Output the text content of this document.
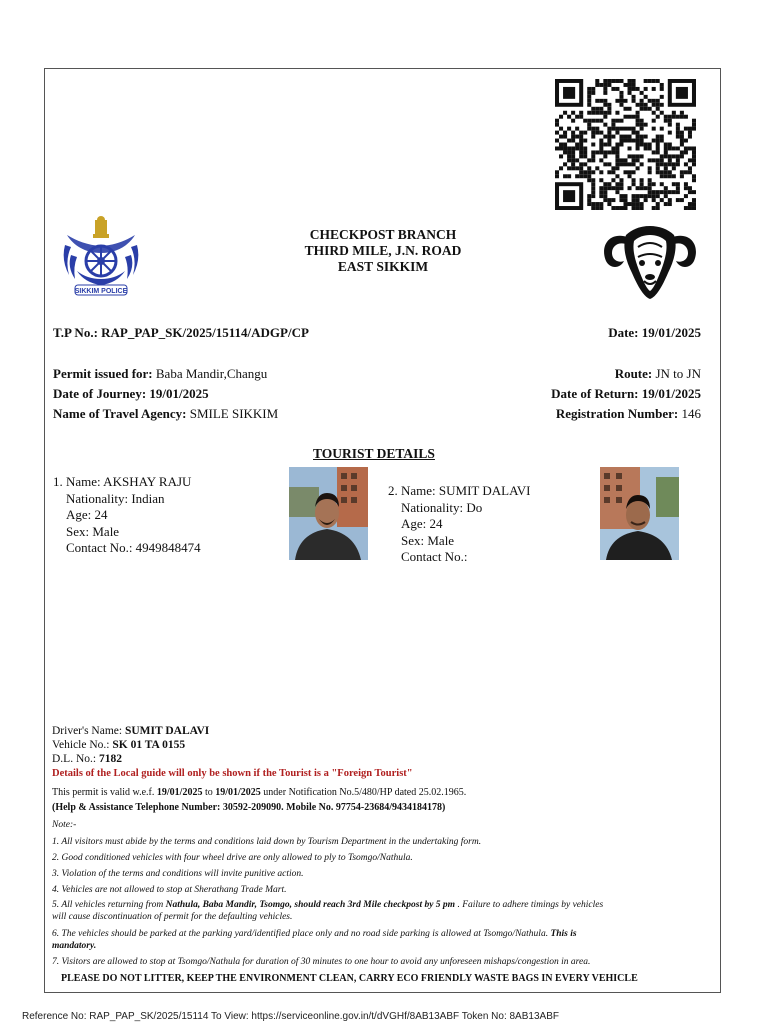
SIKKIM POLICE
CHECKPOST BRANCH
THIRD MILE, J.N. ROAD
EAST SIKKIM
T.P No.: RAP_PAP_SK/2025/15114/ADGP/CP	Date: 19/01/2025
Permit issued for: Baba Mandir,Changu	Route: JN to JN
Date of Journey: 19/01/2025	Date of Return: 19/01/2025
Name of Travel Agency: SMILE SIKKIM	Registration Number: 146
TOURIST DETAILS
1. Name: AKSHAY RAJU
Nationality: Indian
Age: 24
Sex: Male
Contact No.: 4949848474
2. Name: SUMIT DALAVI
Nationality: Do
Age: 24
Sex: Male
Contact No.:
Driver's Name: SUMIT DALAVI
Vehicle No.: SK 01 TA 0155
D.L. No.: 7182
Details of the Local guide will only be shown if the Tourist is a "Foreign Tourist"
This permit is valid w.e.f. 19/01/2025 to 19/01/2025 under Notification No.5/480/HP dated 25.02.1965.
(Help & Assistance Telephone Number: 30592-209090. Mobile No. 97754-23684/9434184178)
Note:-
1. All visitors must abide by the terms and conditions laid down by Tourism Department in the undertaking form.
2. Good conditioned vehicles with four wheel drive are only allowed to ply to Tsomgo/Nathula.
3. Violation of the terms and conditions will invite punitive action.
4. Vehicles are not allowed to stop at Sherathang Trade Mart.
5. All vehicles returning from Nathula, Baba Mandir, Tsomgo, should reach 3rd Mile checkpost by 5 pm . Failure to adhere timings by vehicles
will cause discontinuation of permit for the defaulting vehicles.
6. The vehicles should be parked at the parking yard/identified place only and no road side parking is allowed at Tsomgo/Nathula. This is
mandatory.
7. Visitors are allowed to stop at Tsomgo/Nathula for duration of 30 minutes to one hour to avoid any unforeseen mishaps/congestion in area.
PLEASE DO NOT LITTER, KEEP THE ENVIRONMENT CLEAN, CARRY ECO FRIENDLY WASTE BAGS IN EVERY VEHICLE
Reference No: RAP_PAP_SK/2025/15114 To View: https://serviceonline.gov.in/t/dVGHf/8AB13ABF Token No: 8AB13ABF
